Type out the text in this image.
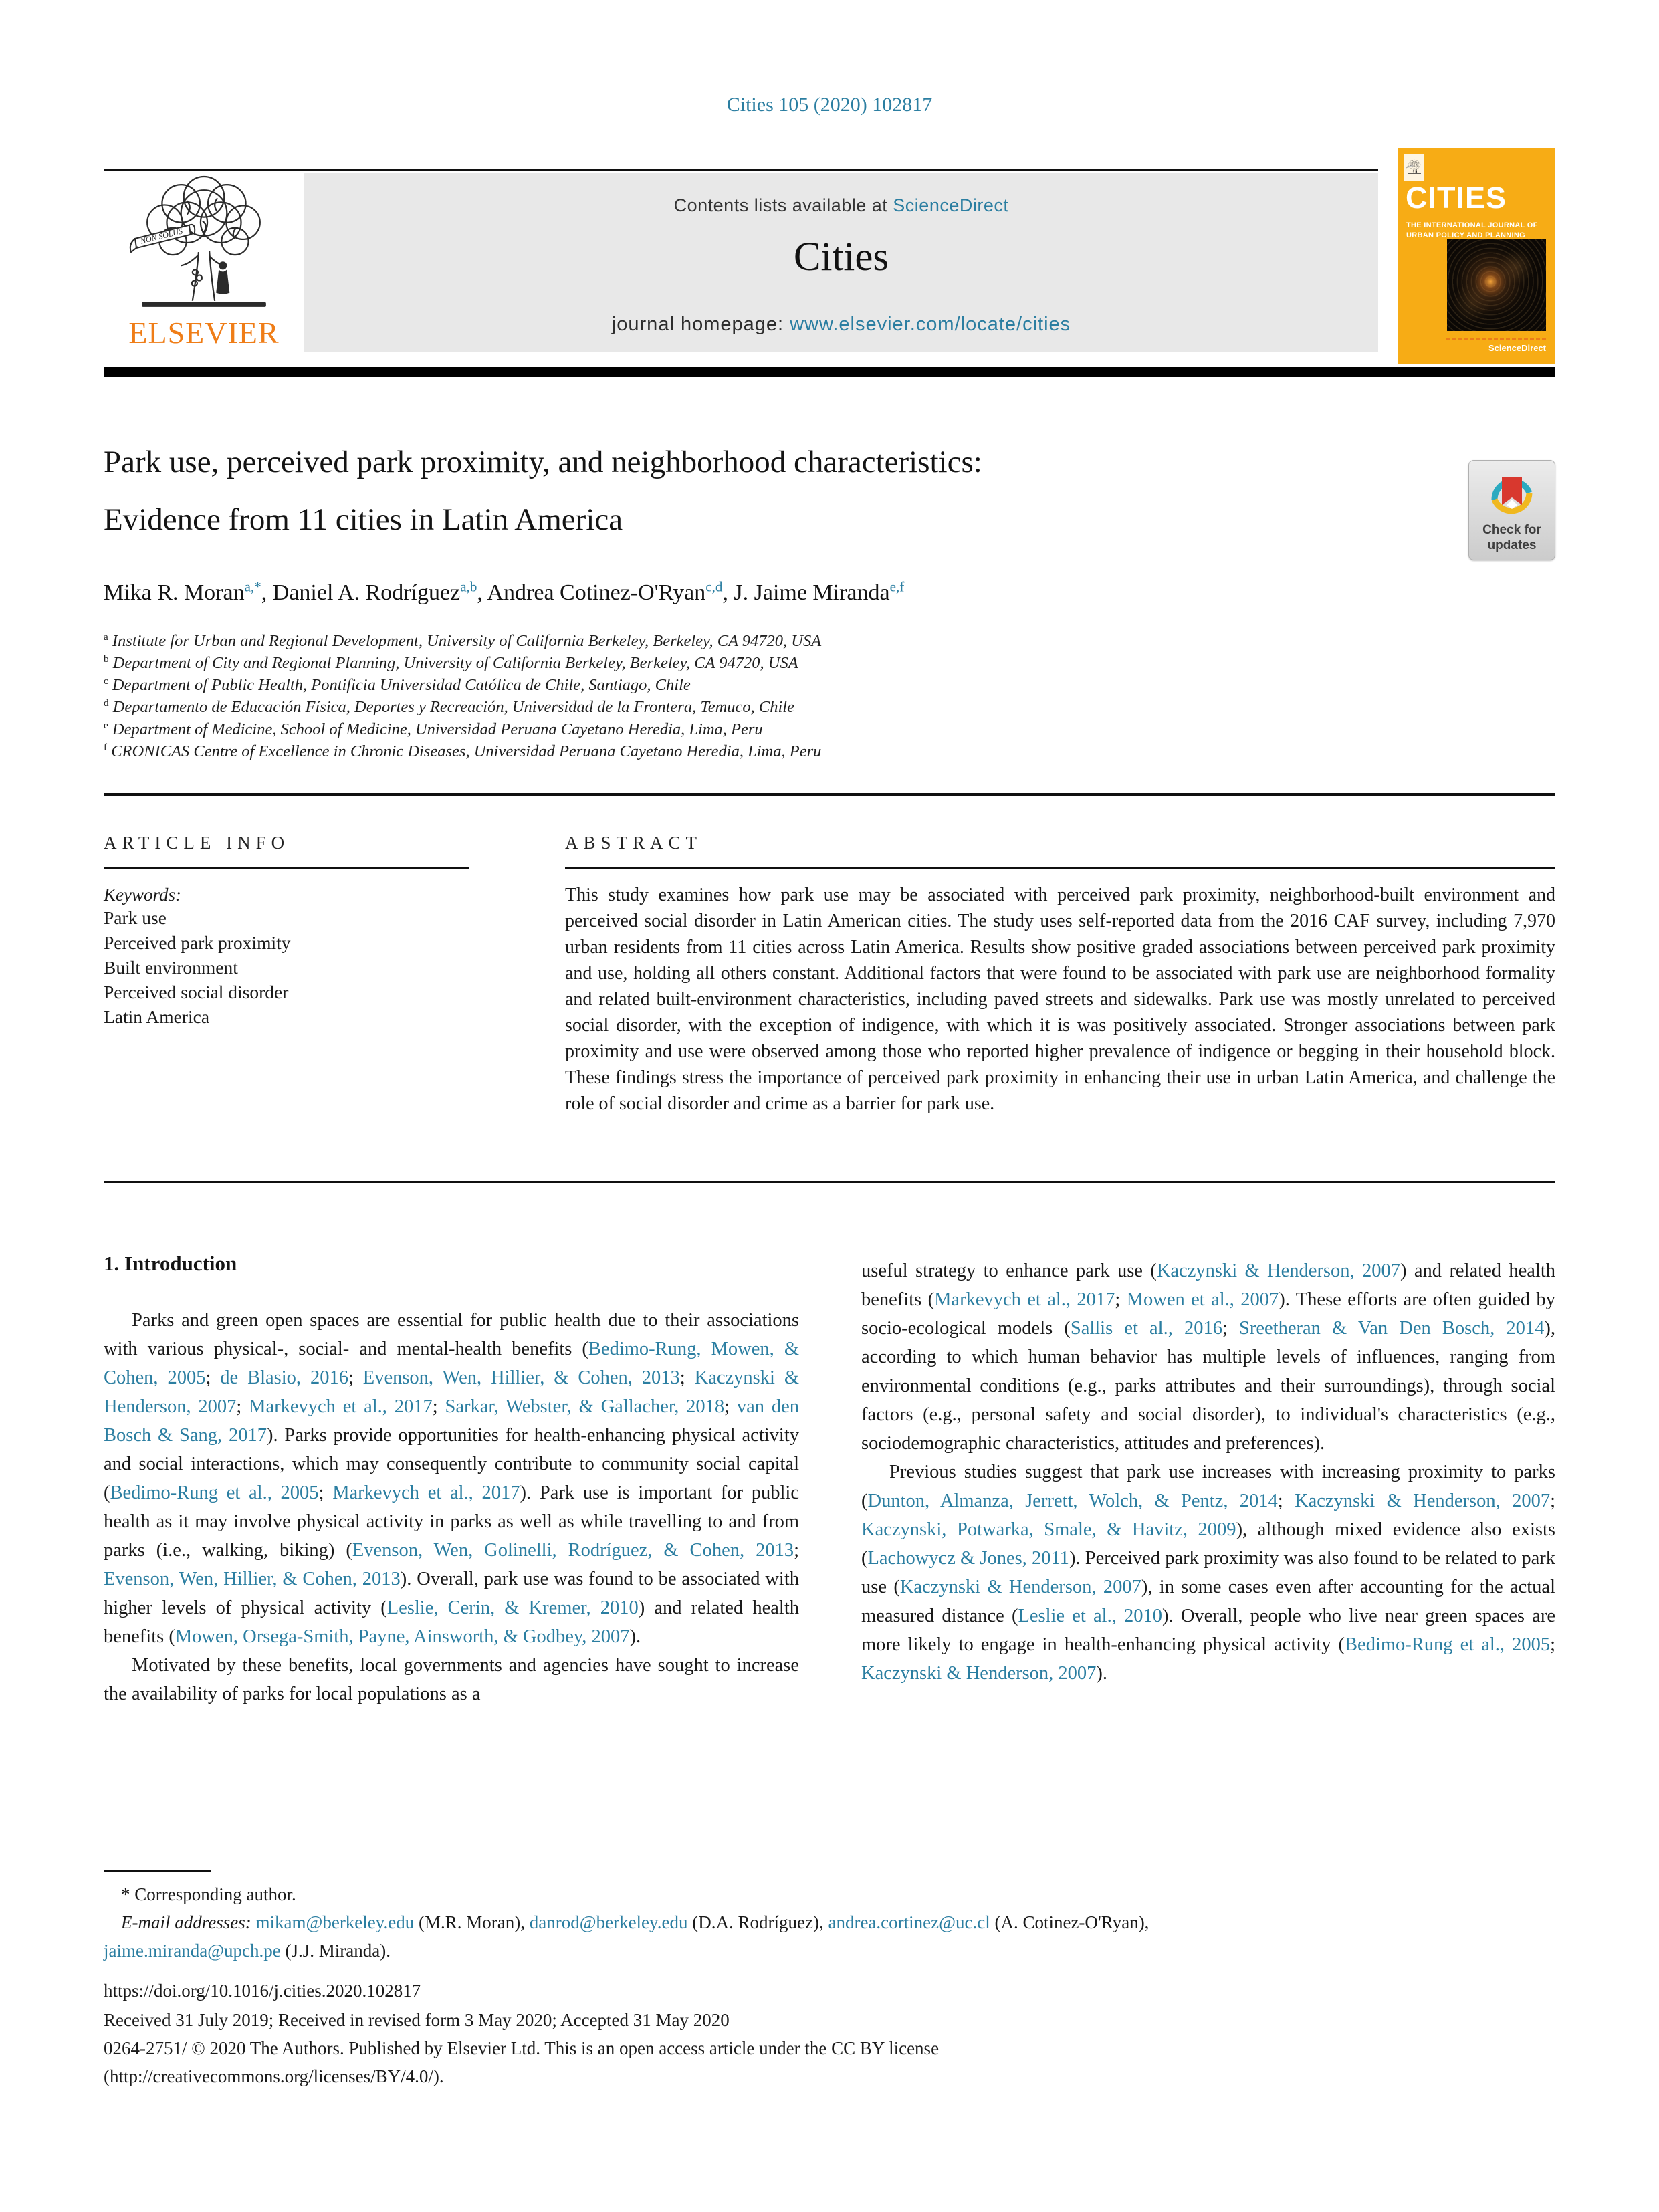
Cities 105 (2020) 102817
ELSEVIER
Contents lists available at ScienceDirect
Cities
journal homepage: www.elsevier.com/locate/cities
CITIES
THE INTERNATIONAL JOURNAL OF URBAN POLICY AND PLANNING
ScienceDirect
Park use, perceived park proximity, and neighborhood characteristics:
Evidence from 11 cities in Latin America	Check for
updates
Mika R. Moran$^{a,*}$, Daniel A. Rodríguez$^{a,b}$, Andrea Cotinez-O'Ryan$^{c,d}$, J. Jaime Miranda$^{e,f}$
$^a$ Institute for Urban and Regional Development, University of California Berkeley, Berkeley, CA 94720, USA
$^b$ Department of City and Regional Planning, University of California Berkeley, Berkeley, CA 94720, USA
$^c$ Department of Public Health, Pontificia Universidad Católica de Chile, Santiago, Chile
$^d$ Departamento de Educación Física, Deportes y Recreación, Universidad de la Frontera, Temuco, Chile
$^e$ Department of Medicine, School of Medicine, Universidad Peruana Cayetano Heredia, Lima, Peru
$^f$ CRONICAS Centre of Excellence in Chronic Diseases, Universidad Peruana Cayetano Heredia, Lima, Peru
ARTICLE INFO
Keywords:
Park use
Perceived park proximity
Built environment
Perceived social disorder
Latin America
ABSTRACT
This study examines how park use may be associated with perceived park proximity, neighborhood-built environment and perceived social disorder in Latin American cities. The study uses self-reported data from the 2016 CAF survey, including 7,970 urban residents from 11 cities across Latin America. Results show positive graded associations between perceived park proximity and use, holding all others constant. Additional factors that were found to be associated with park use are neighborhood formality and related built-environment characteristics, including paved streets and sidewalks. Park use was mostly unrelated to perceived social disorder, with the exception of indigence, with which it is was positively associated. Stronger associations between park proximity and use were observed among those who reported higher prevalence of indigence or begging in their household block. These findings stress the importance of perceived park proximity in enhancing their use in urban Latin America, and challenge the role of social disorder and crime as a barrier for park use.
1. Introduction

Parks and green open spaces are essential for public health due to their associations with various physical-, social- and mental-health benefits (Bedimo-Rung, Mowen, & Cohen, 2005; de Blasio, 2016; Evenson, Wen, Hillier, & Cohen, 2013; Kaczynski & Henderson, 2007; Markevych et al., 2017; Sarkar, Webster, & Gallacher, 2018; van den Bosch & Sang, 2017). Parks provide opportunities for health-enhancing physical activity and social interactions, which may consequently contribute to community social capital (Bedimo-Rung et al., 2005; Markevych et al., 2017). Park use is important for public health as it may involve physical activity in parks as well as while travelling to and from parks (i.e., walking, biking) (Evenson, Wen, Golinelli, Rodríguez, & Cohen, 2013; Evenson, Wen, Hillier, & Cohen, 2013). Overall, park use was found to be associated with higher levels of physical activity (Leslie, Cerin, & Kremer, 2010) and related health benefits (Mowen, Orsega-Smith, Payne, Ainsworth, & Godbey, 2007).

Motivated by these benefits, local governments and agencies have sought to increase the availability of parks for local populations as a

useful strategy to enhance park use (Kaczynski & Henderson, 2007) and related health benefits (Markevych et al., 2017; Mowen et al., 2007). These efforts are often guided by socio-ecological models (Sallis et al., 2016; Sreetheran & Van Den Bosch, 2014), according to which human behavior has multiple levels of influences, ranging from environmental conditions (e.g., parks attributes and their surroundings), through social factors (e.g., personal safety and social disorder), to individual's characteristics (e.g., sociodemographic characteristics, attitudes and preferences).

Previous studies suggest that park use increases with increasing proximity to parks (Dunton, Almanza, Jerrett, Wolch, & Pentz, 2014; Kaczynski & Henderson, 2007; Kaczynski, Potwarka, Smale, & Havitz, 2009), although mixed evidence also exists (Lachowycz & Jones, 2011). Perceived park proximity was also found to be related to park use (Kaczynski & Henderson, 2007), in some cases even after accounting for the actual measured distance (Leslie et al., 2010). Overall, people who live near green spaces are more likely to engage in health-enhancing physical activity (Bedimo-Rung et al., 2005; Kaczynski & Henderson, 2007).

* Corresponding author.
E-mail addresses: mikam@berkeley.edu (M.R. Moran), danrod@berkeley.edu (D.A. Rodríguez), andrea.cortinez@uc.cl (A. Cotinez-O'Ryan),
jaime.miranda@upch.pe (J.J. Miranda).
https://doi.org/10.1016/j.cities.2020.102817
Received 31 July 2019; Received in revised form 3 May 2020; Accepted 31 May 2020
0264-2751/ © 2020 The Authors. Published by Elsevier Ltd. This is an open access article under the CC BY license
(http://creativecommons.org/licenses/BY/4.0/).
